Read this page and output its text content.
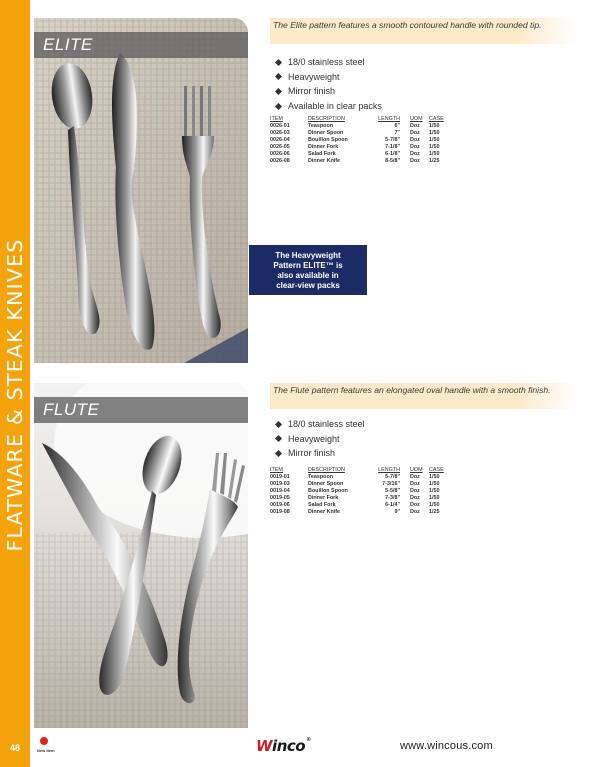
FLATWARE & STEAK KNIVES
48
ELITE
The Heavyweight
Pattern ELITE™ is
also available in
clear-view packs
The Elite pattern features a smooth contoured handle with rounded tip.
18/0 stainless steel
Heavyweight
Mirror finish
Available in clear packs
ITEM	DESCRIPTION	LENGTH	UOM	CASE
0026-01	Teaspoon	6"	Doz	1/50
0026-03	Dinner Spoon	7"	Doz	1/50
0026-04	Bouillon Spoon	5-7/8"	Doz	1/50
0026-05	Dinner Fork	7-1/8"	Doz	1/50
0026-06	Salad Fork	6-1/8"	Doz	1/50
0026-08	Dinner Knife	8-5/8"	Doz	1/25
FLUTE
The Flute pattern features an elongated oval handle with a smooth finish.
18/0 stainless steel
Heavyweight
Mirror finish
ITEM	DESCRIPTION	LENGTH	UOM	CASE
0019-01	Teaspoon	5-7/8"	Doz	1/50
0019-03	Dinner Spoon	7-3/16"	Doz	1/50
0019-04	Bouillon Spoon	5-5/8"	Doz	1/50
0019-05	Dinner Fork	7-3/8"	Doz	1/50
0019-06	Salad Fork	6-1/4"	Doz	1/50
0019-08	Dinner Knife	9"	Doz	1/25
New Item	Winco®	www.wincous.com
